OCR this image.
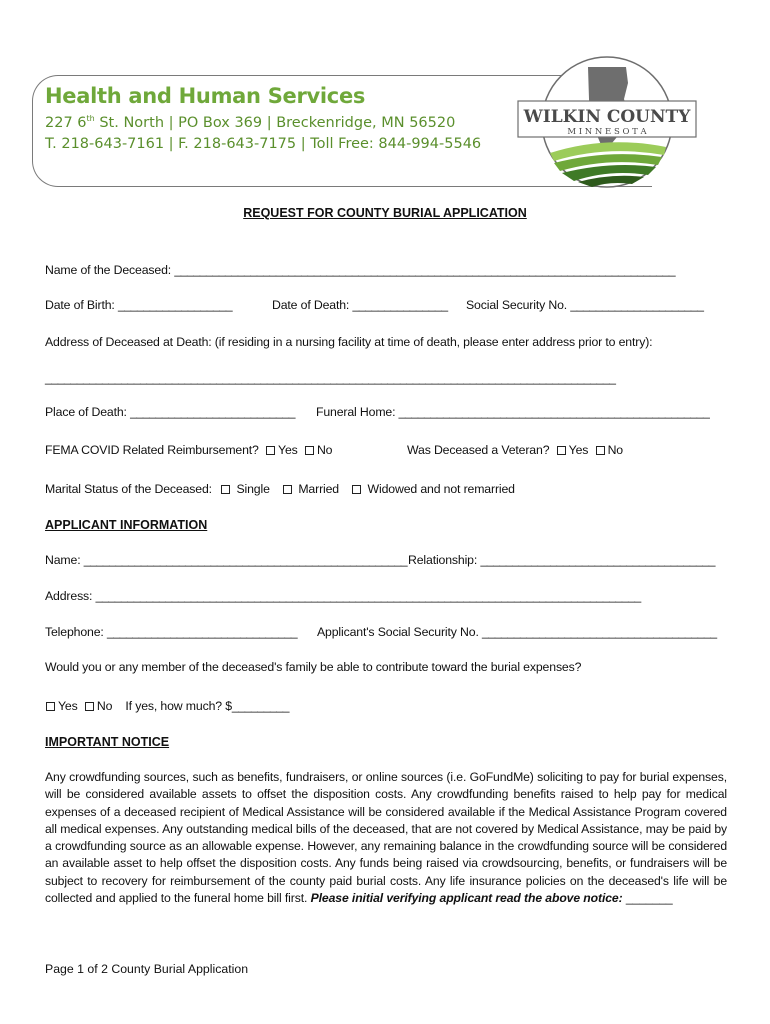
Health and Human Services
227 6th St. North | PO Box 369 | Breckenridge, MN 56520
T. 218-643-7161 | F. 218-643-7175 | Toll Free: 844-994-5546
WILKIN COUNTY
M I N N E S O T A
REQUEST FOR COUNTY BURIAL APPLICATION
Name of the Deceased: _______________________________________________________________________________
Date of Birth: __________________	Date of Death: _______________ Social Security No. _____________________
Address of Deceased at Death: (if residing in a nursing facility at time of death, please enter address prior to entry):
__________________________________________________________________________________________
Place of Death: __________________________ Funeral Home: _________________________________________________
FEMA COVID Related Reimbursement? Yes No	Was Deceased a Veteran? Yes No
Marital Status of the Deceased: Single Married Widowed and not remarried
APPLICANT INFORMATION
Name: ___________________________________________________ Relationship: _____________________________________
Address: ______________________________________________________________________________________
Telephone: ______________________________ Applicant's Social Security No. _____________________________________
Would you or any member of the deceased's family be able to contribute toward the burial expenses?
Yes No If yes, how much? $_________
IMPORTANT NOTICE
Any crowdfunding sources, such as benefits, fundraisers, or online sources (i.e. GoFundMe) soliciting to pay for burial expenses, will be considered available assets to offset the disposition costs. Any crowdfunding benefits raised to help pay for medical expenses of a deceased recipient of Medical Assistance will be considered available if the Medical Assistance Program covered all medical expenses. Any outstanding medical bills of the deceased, that are not covered by Medical Assistance, may be paid by a crowdfunding source as an allowable expense. However, any remaining balance in the crowdfunding source will be considered an available asset to help offset the disposition costs. Any funds being raised via crowdsourcing, benefits, or fundraisers will be subject to recovery for reimbursement of the county paid burial costs. Any life insurance policies on the deceased's life will be collected and applied to the funeral home bill first. Please initial verifying applicant read the above notice: _______
Page 1 of 2 County Burial Application
